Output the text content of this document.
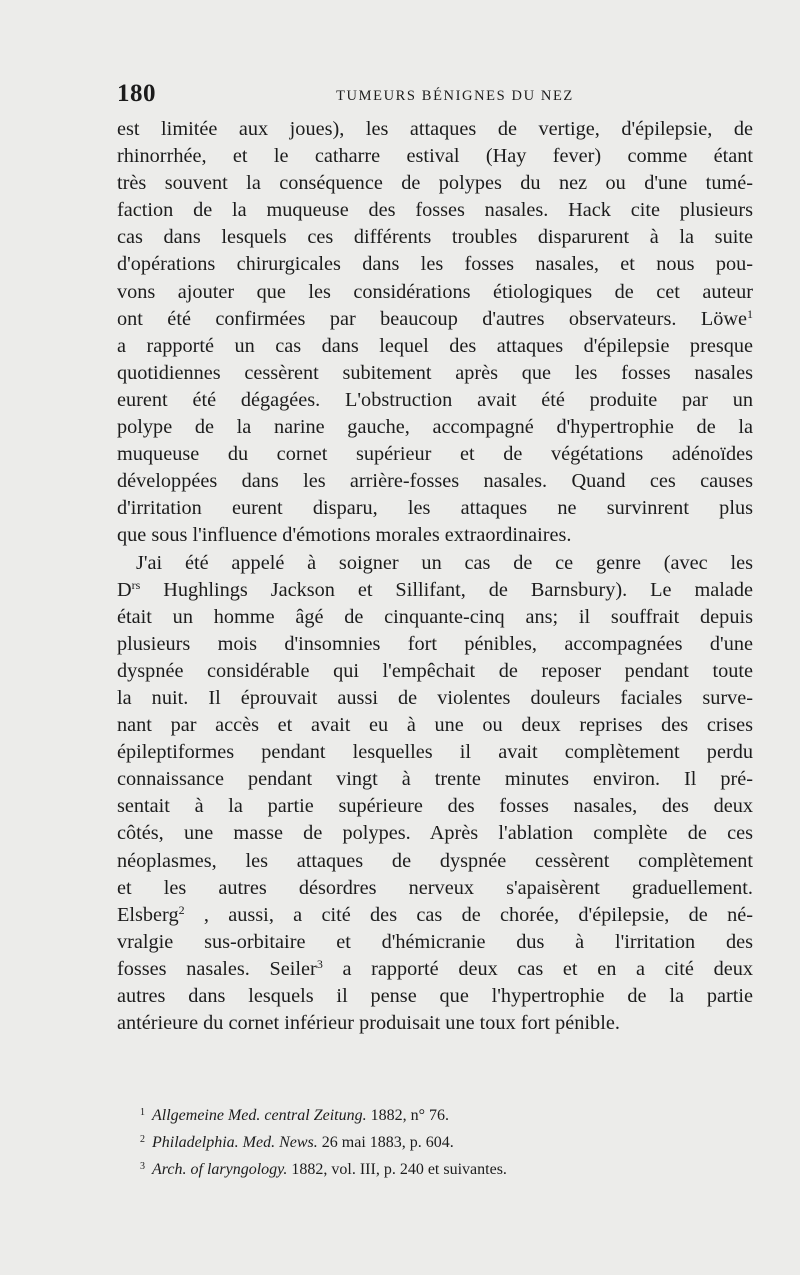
180	TUMEURS BÉNIGNES DU NEZ

est limitée aux joues), les attaques de vertige, d'épilepsie, de
rhinorrhée, et le catharre estival (Hay fever) comme étant
très souvent la conséquence de polypes du nez ou d'une tumé-
faction de la muqueuse des fosses nasales. Hack cite plusieurs
cas dans lesquels ces différents troubles disparurent à la suite
d'opérations chirurgicales dans les fosses nasales, et nous pou-
vons ajouter que les considérations étiologiques de cet auteur
ont été confirmées par beaucoup d'autres observateurs. Löwe$^1$
a rapporté un cas dans lequel des attaques d'épilepsie presque
quotidiennes cessèrent subitement après que les fosses nasales
eurent été dégagées. L'obstruction avait été produite par un
polype de la narine gauche, accompagné d'hypertrophie de la
muqueuse du cornet supérieur et de végétations adénoïdes
développées dans les arrière-fosses nasales. Quand ces causes
d'irritation eurent disparu, les attaques ne survinrent plus
que sous l'influence d'émotions morales extraordinaires.

J'ai été appelé à soigner un cas de ce genre (avec les
$D^{rs}$ Hughlings Jackson et Sillifant, de Barnsbury). Le malade
était un homme âgé de cinquante-cinq ans; il souffrait depuis
plusieurs mois d'insomnies fort pénibles, accompagnées d'une
dyspnée considérable qui l'empêchait de reposer pendant toute
la nuit. Il éprouvait aussi de violentes douleurs faciales surve-
nant par accès et avait eu à une ou deux reprises des crises
épileptiformes pendant lesquelles il avait complètement perdu
connaissance pendant vingt à trente minutes environ. Il pré-
sentait à la partie supérieure des fosses nasales, des deux
côtés, une masse de polypes. Après l'ablation complète de ces
néoplasmes, les attaques de dyspnée cessèrent complètement
et les autres désordres nerveux s'apaisèrent graduellement.
Elsberg$^2$ , aussi, a cité des cas de chorée, d'épilepsie, de né-
vralgie sus-orbitaire et d'hémicranie dus à l'irritation des
fosses nasales. Seiler$^3$ a rapporté deux cas et en a cité deux
autres dans lesquels il pense que l'hypertrophie de la partie
antérieure du cornet inférieur produisait une toux fort pénible.

$^1$ Allgemeine Med. central Zeitung. 1882, n° 76.
$^2$ Philadelphia. Med. News. 26 mai 1883, p. 604.
$^3$ Arch. of laryngology. 1882, vol. III, p. 240 et suivantes.
